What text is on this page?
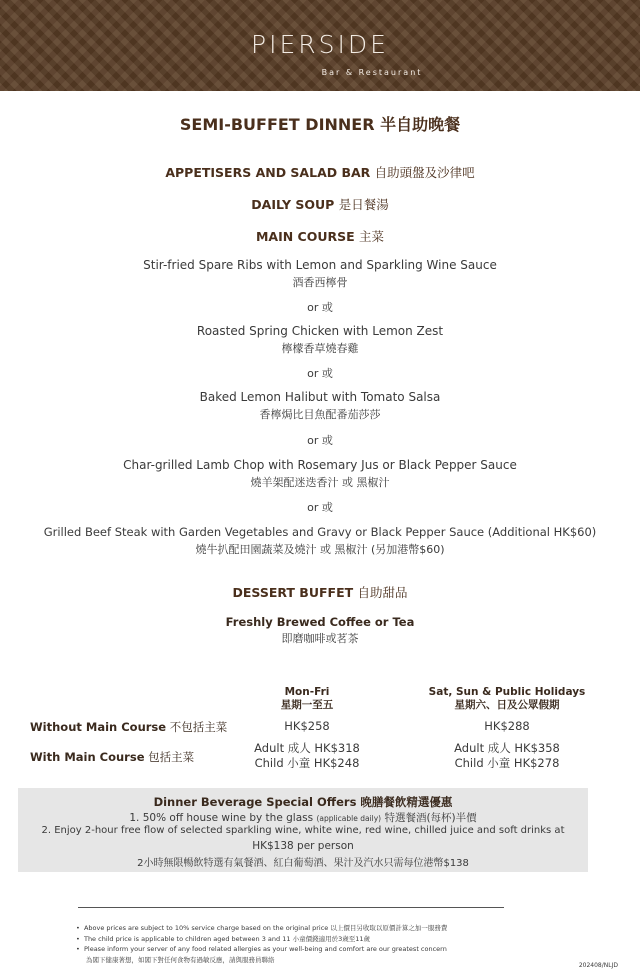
PIERSIDE
Bar & Restaurant
SEMI-BUFFET DINNER 半自助晚餐
APPETISERS AND SALAD BAR 自助頭盤及沙律吧
DAILY SOUP 是日餐湯
MAIN COURSE 主菜
Stir-fried Spare Ribs with Lemon and Sparkling Wine Sauce
酒香西檸骨
or 或
Roasted Spring Chicken with Lemon Zest
檸檬香草燒春雞
or 或
Baked Lemon Halibut with Tomato Salsa
香檸焗比目魚配番茄莎莎
or 或
Char-grilled Lamb Chop with Rosemary Jus or Black Pepper Sauce
燒羊架配迷迭香汁 或 黑椒汁
or 或
Grilled Beef Steak with Garden Vegetables and Gravy or Black Pepper Sauce (Additional HK$60)
燒牛扒配田園蔬菜及燒汁 或 黑椒汁 (另加港幣$60)
DESSERT BUFFET 自助甜品
Freshly Brewed Coffee or Tea
即磨咖啡或茗茶
Mon-Fri
星期一至五
Sat, Sun & Public Holidays
星期六、日及公眾假期
Without Main Course 不包括主菜	HK$258	HK$288
With Main Course 包括主菜
Adult 成人 HK$318
Child 小童 HK$248
Adult 成人 HK$358
Child 小童 HK$278
Dinner Beverage Special Offers 晚膳餐飲精選優惠
1. 50% off house wine by the glass (applicable daily) 特選餐酒(每杯)半價
2. Enjoy 2-hour free flow of selected sparkling wine, white wine, red wine, chilled juice and soft drinks at
HK$138 per person
2小時無限暢飲特選有氣餐酒、紅白葡萄酒、果汁及汽水只需每位港幣$138
•  Above prices are subject to 10% service charge based on the original price 以上價目另收取以原價計算之加一服務費
•  The child price is applicable to children aged between 3 and 11 小童價錢適用於3歲至11歲
•  Please inform your server of any food related allergies as your well-being and comfort are our greatest concern
為閣下健康著想，如閣下對任何食物有過敏反應，請與服務員聯絡
202408/NLJD
